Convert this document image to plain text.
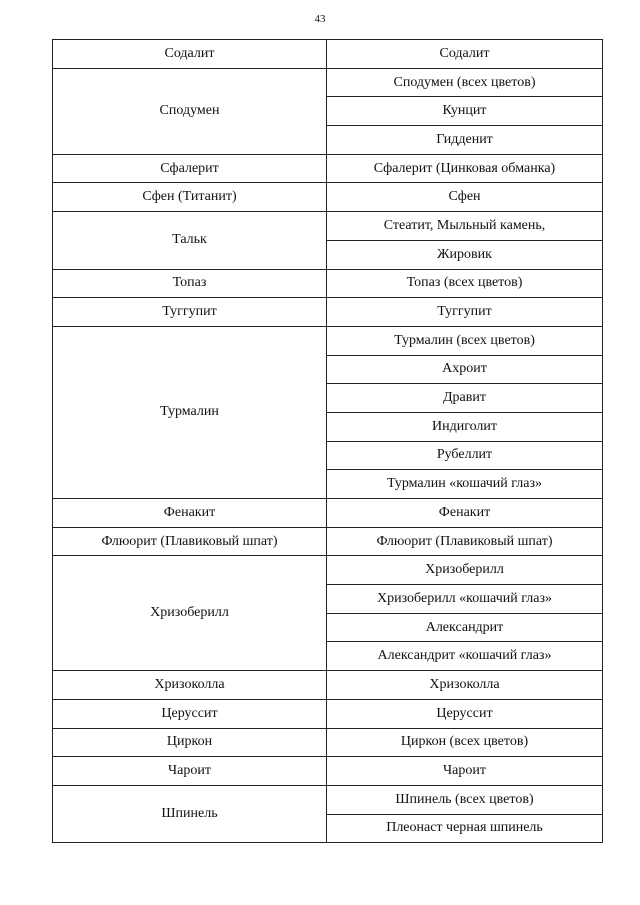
43
Содалит	Содалит
Сподумен	Сподумен (всех цветов)
	Кунцит
	Гидденит
Сфалерит	Сфалерит (Цинковая обманка)
Сфен (Титанит)	Сфен
Тальк	Стеатит, Мыльный камень,
	Жировик
Топаз	Топаз (всех цветов)
Туггупит	Туггупит
Турмалин	Турмалин (всех цветов)
	Ахроит
	Дравит
	Индиголит
	Рубеллит
	Турмалин «кошачий глаз»
Фенакит	Фенакит
Флюорит (Плавиковый шпат)	Флюорит (Плавиковый шпат)
Хризоберилл	Хризоберилл
	Хризоберилл «кошачий глаз»
	Александрит
	Александрит «кошачий глаз»
Хризоколла	Хризоколла
Церуссит	Церуссит
Циркон	Циркон (всех цветов)
Чароит	Чароит
Шпинель	Шпинель (всех цветов)
	Плеонаст черная шпинель
